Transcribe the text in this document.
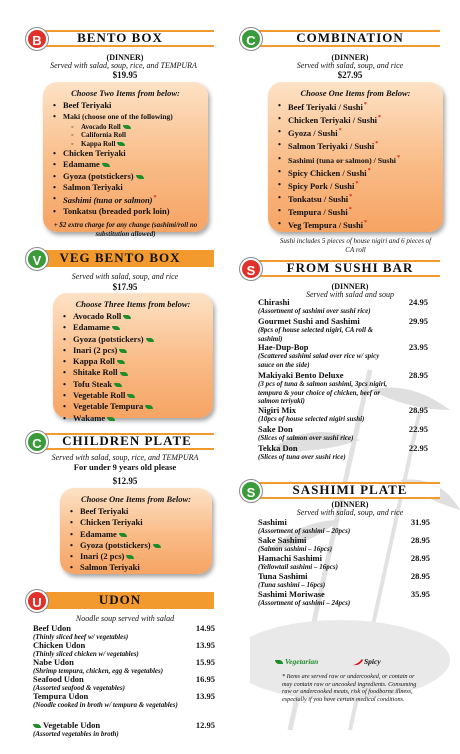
B	BENTO BOX
(DINNER)
Served with salad, soup, rice, and TEMPURA
$19.95
Choose Two Items from below:
• Beef Teriyaki
• Maki (choose one of the following)
◦ Avocado Roll
◦ California Roll
◦ Kappa Roll
• Chicken Teriyaki
• Edamame
• Gyoza (potstickers)
• Salmon Teriyaki
• Sashimi (tuna or salmon)*
• Tonkatsu (breaded pork loin)
+ $2 extra charge for any change (sashimi/roll no substitution allowed)
C	COMBINATION
(DINNER)
Served with salad, soup, and rice
$27.95
Choose One Items from Below:
• Beef Teriyaki / Sushi*
• Chicken Teriyaki / Sushi*
• Gyoza / Sushi*
• Salmon Teriyaki / Sushi*
• Sashimi (tuna or salmon) / Sushi*
• Spicy Chicken / Sushi*
• Spicy Pork / Sushi*
• Tonkatsu / Sushi*
• Tempura / Sushi*
• Veg Tempura / Sushi*
Sushi includes 5 pieces of house nigiri and 6 pieces of CA roll
V	VEG BENTO BOX
Served with salad, soup, and rice
$17.95
Choose Three Items from below:
• Avocado Roll
• Edamame
• Gyoza (potstickers)
• Inari (2 pcs)
• Kappa Roll
• Shitake Roll
• Tofu Steak
• Vegetable Roll
• Vegetable Tempura
• Wakame
C	CHILDREN PLATE
Served with salad, soup, rice, and TEMPURA
For under 9 years old please
$12.95
Choose One Items from Below:
• Beef Teriyaki
• Chicken Teriyaki
• Edamame
• Gyoza (potstickers)
• Inari (2 pcs)
• Salmon Teriyaki
U	UDON
Noodle soup served with salad
Beef Udon	14.95
(Thinly sliced beef w/ vegetables)
Chicken Udon	13.95
(Thinly sliced chicken w/ vegetables)
Nabe Udon	15.95
(Shrimp tempura, chicken, egg & vegetables)
Seafood Udon	16.95
(Assorted seafood & vegetables)
Tempura Udon	13.95
(Noodle cooked in broth w/ tempura & vegetables)
Vegetable Udon	12.95
(Assorted vegetables in broth)
S	FROM SUSHI BAR
(DINNER)
Served with salad and soup
Chirashi	24.95
(Assortment of sashimi over sushi rice)
Gourmet Sushi and Sashimi	29.95
(8pcs of house selected nigiri, CA roll & sashimi)
Hae-Dup-Bop	23.95
(Scattered sashimi salad over rice w/ spicy sauce on the side)
Makiyaki Bento Deluxe	28.95
(3 pcs of tuna & salmon sashimi, 3pcs nigiri, tempura & your choice of chicken, beef or salmon teriyaki)
Nigiri Mix	28.95
(10pcs of house selected nigiri sushi)
Sake Don	22.95
(Slices of salmon over sushi rice)
Tekka Don	22.95
(Slices of tuna over sushi rice)
S	SASHIMI PLATE
(DINNER)
Served with salad, soup, and rice
Sashimi	31.95
(Assortment of sashimi – 20pcs)
Sake Sashimi	28.95
(Salmon sashimi – 16pcs)
Hamachi Sashimi	28.95
(Yellowtail sashimi – 16pcs)
Tuna Sashimi	28.95
(Tuna sashimi – 16pcs)
Sashimi Moriwase	35.95
(Assortment of sashimi – 24pcs)
Vegetarian	Spicy
* Items are served raw or undercooked, or contain or may contain raw or uncooked ingredients. Consuming raw or undercooked meats, risk of foodborne illness, especially if you have certain medical conditions.
